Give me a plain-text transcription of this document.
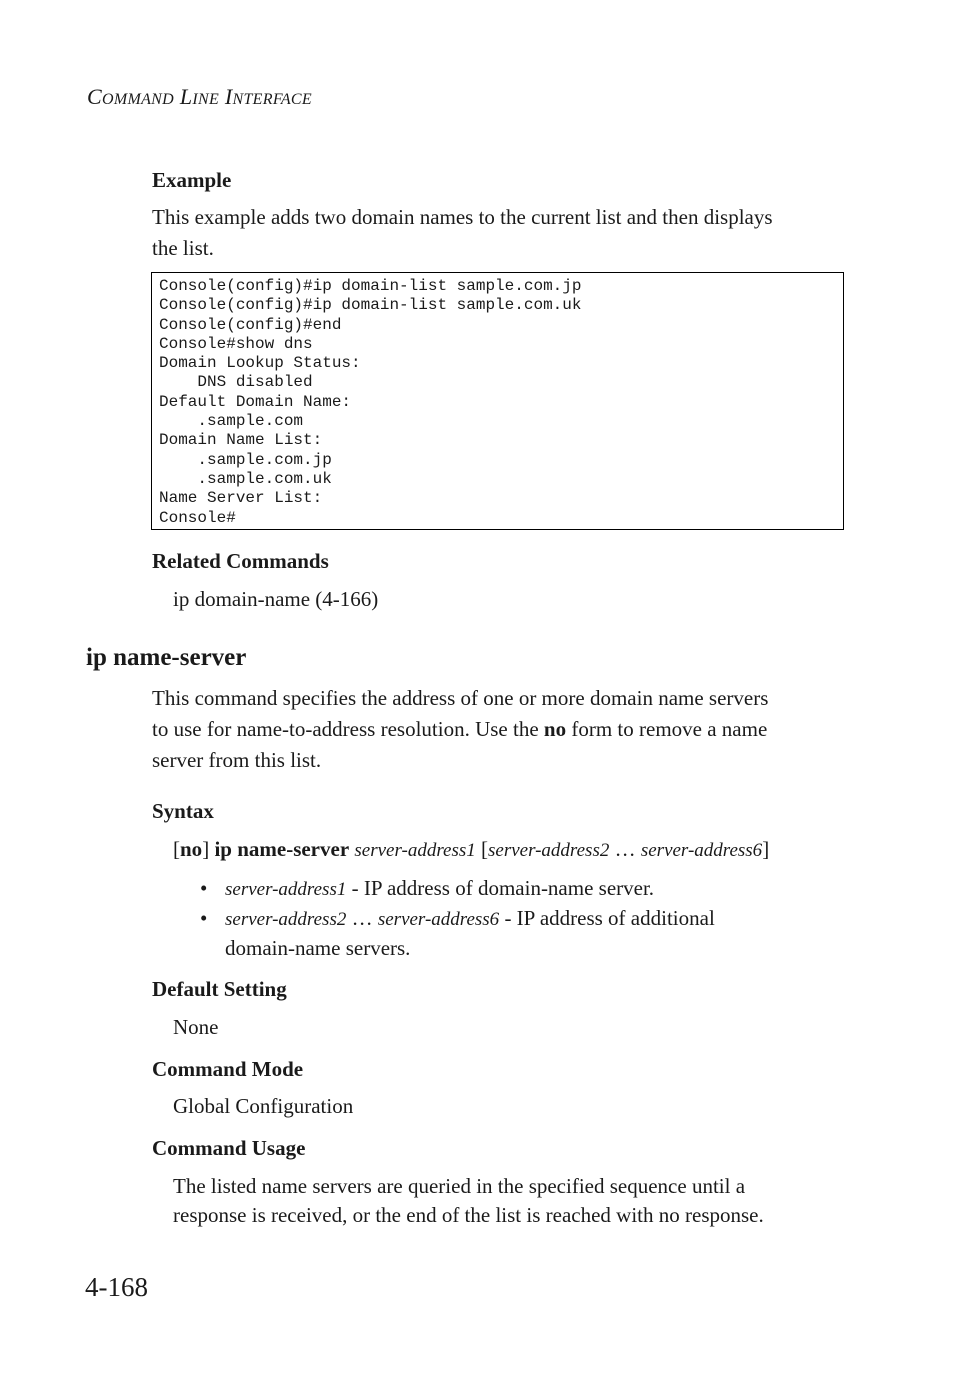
COMMAND LINE INTERFACE
Example
This example adds two domain names to the current list and then displays
the list.
Console(config)#ip domain-list sample.com.jp
Console(config)#ip domain-list sample.com.uk
Console(config)#end
Console#show dns
Domain Lookup Status:
DNS disabled
Default Domain Name:
.sample.com
Domain Name List:
.sample.com.jp
.sample.com.uk
Name Server List:
Console#
Related Commands
ip domain-name (4-166)
ip name-server
This command specifies the address of one or more domain name servers
to use for name-to-address resolution. Use the no form to remove a name
server from this list.
Syntax
[no] ip name-server server-address1 [server-address2 … server-address6]
• server-address1 - IP address of domain-name server.
• server-address2 … server-address6 - IP address of additional
domain-name servers.
Default Setting
None
Command Mode
Global Configuration
Command Usage
The listed name servers are queried in the specified sequence until a
response is received, or the end of the list is reached with no response.
4-168
